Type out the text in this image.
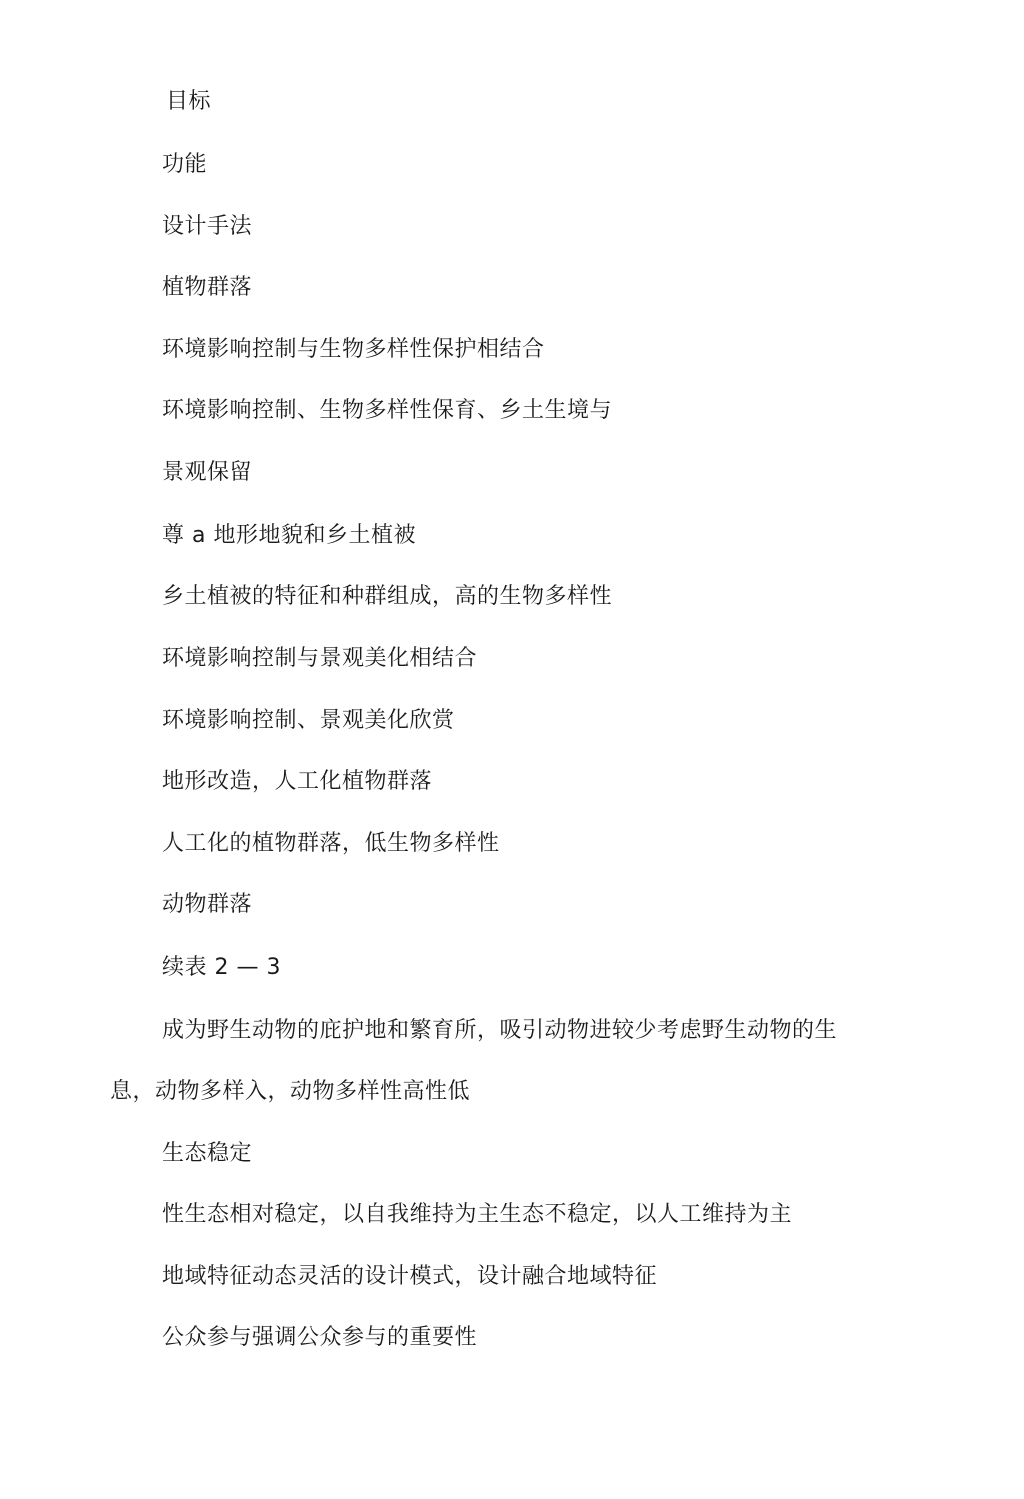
目标
功能
设计手法
植物群落
环境影响控制与生物多样性保护相结合
环境影响控制、生物多样性保育、乡土生境与
景观保留
尊 a 地形地貌和乡土植被
乡土植被的特征和种群组成，高的生物多样性
环境影响控制与景观美化相结合
环境影响控制、景观美化欣赏
地形改造，人工化植物群落
人工化的植物群落，低生物多样性
动物群落
续表 2 — 3
成为野生动物的庇护地和繁育所，吸引动物进较少考虑野生动物的生
息，动物多样入，动物多样性高性低
生态稳定
性生态相对稳定，以自我维持为主生态不稳定，以人工维持为主
地域特征动态灵活的设计模式，设计融合地域特征
公众参与强调公众参与的重要性
